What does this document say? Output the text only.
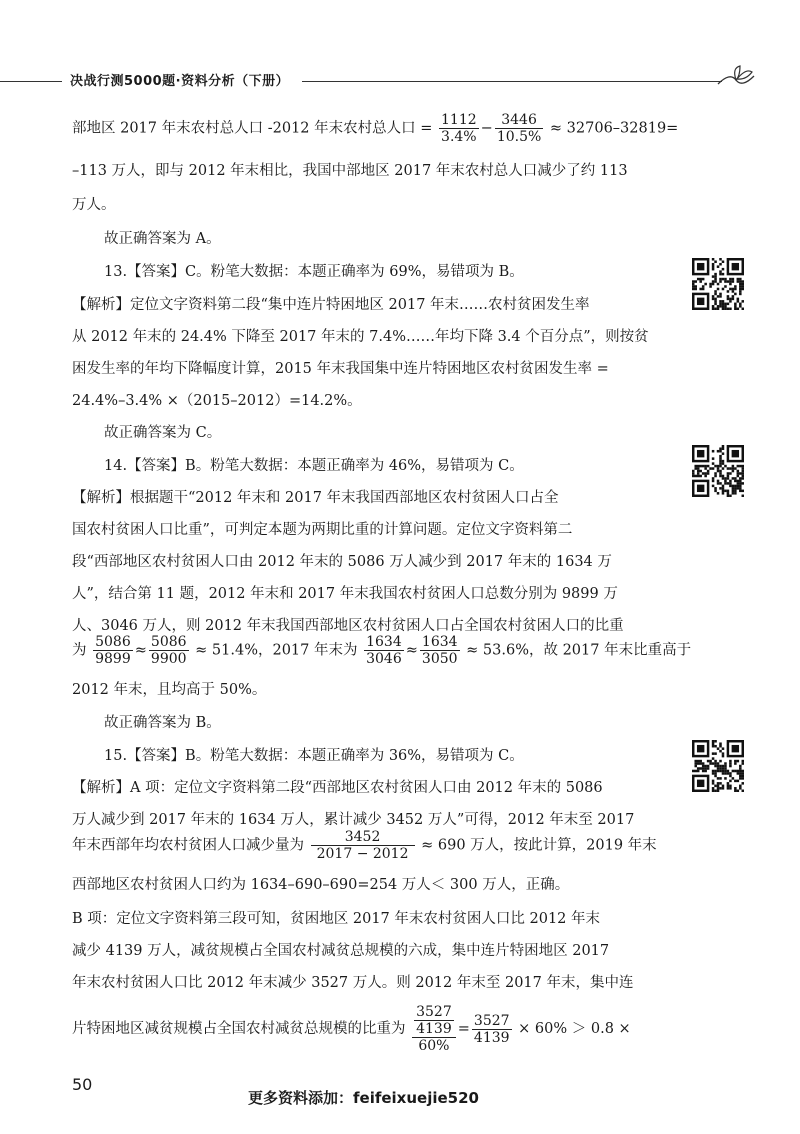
决战行测5000题·资料分析（下册）
部地区 2017 年末农村总人口 -2012 年末农村总人口 = $\frac{1112}{3.4\%} - \frac{3446}{10.5\%} \approx 32706-32819=$
–113 万人，即与 2012 年末相比，我国中部地区 2017 年末农村总人口减少了约 113
万人。
故正确答案为 A。
13.【答案】C。粉笔大数据：本题正确率为 69%，易错项为 B。
【解析】定位文字资料第二段“集中连片特困地区 2017 年末……农村贫困发生率
从 2012 年末的 24.4% 下降至 2017 年末的 7.4%……年均下降 3.4 个百分点”，则按贫
困发生率的年均下降幅度计算，2015 年末我国集中连片特困地区农村贫困发生率 =
24.4%–3.4% ×（2015–2012）=14.2%。
故正确答案为 C。
14.【答案】B。粉笔大数据：本题正确率为 46%，易错项为 C。
【解析】根据题干“2012 年末和 2017 年末我国西部地区农村贫困人口占全
国农村贫困人口比重”，可判定本题为两期比重的计算问题。定位文字资料第二
段“西部地区农村贫困人口由 2012 年末的 5086 万人减少到 2017 年末的 1634 万
人”，结合第 11 题，2012 年末和 2017 年末我国农村贫困人口总数分别为 9899 万
人、3046 万人，则 2012 年末我国西部地区农村贫困人口占全国农村贫困人口的比重
为 $\frac{5086}{9899} \approx \frac{5086}{9900} \approx 51.4\%$，2017 年末为 $\frac{1634}{3046} \approx \frac{1634}{3050} \approx 53.6\%$，故 2017 年末比重高于
2012 年末，且均高于 50%。
故正确答案为 B。
15.【答案】B。粉笔大数据：本题正确率为 36%，易错项为 C。
【解析】A 项：定位文字资料第二段“西部地区农村贫困人口由 2012 年末的 5086
万人减少到 2017 年末的 1634 万人，累计减少 3452 万人”可得，2012 年末至 2017
年末西部年均农村贫困人口减少量为 $\frac{3452}{2017 - 2012} \approx 690$ 万人，按此计算，2019 年末
西部地区农村贫困人口约为 1634–690–690=254 万人＜ 300 万人，正确。
B 项：定位文字资料第三段可知，贫困地区 2017 年末农村贫困人口比 2012 年末
减少 4139 万人，减贫规模占全国农村减贫总规模的六成，集中连片特困地区 2017
年末农村贫困人口比 2012 年末减少 3527 万人。则 2012 年末至 2017 年末，集中连
片特困地区减贫规模占全国农村减贫总规模的比重为 $\frac{\frac{3527}{4139}}{60\%} = \frac{3527}{4139} \times 60\% > 0.8$ ×
50
更多资料添加：feifeixuejie520
